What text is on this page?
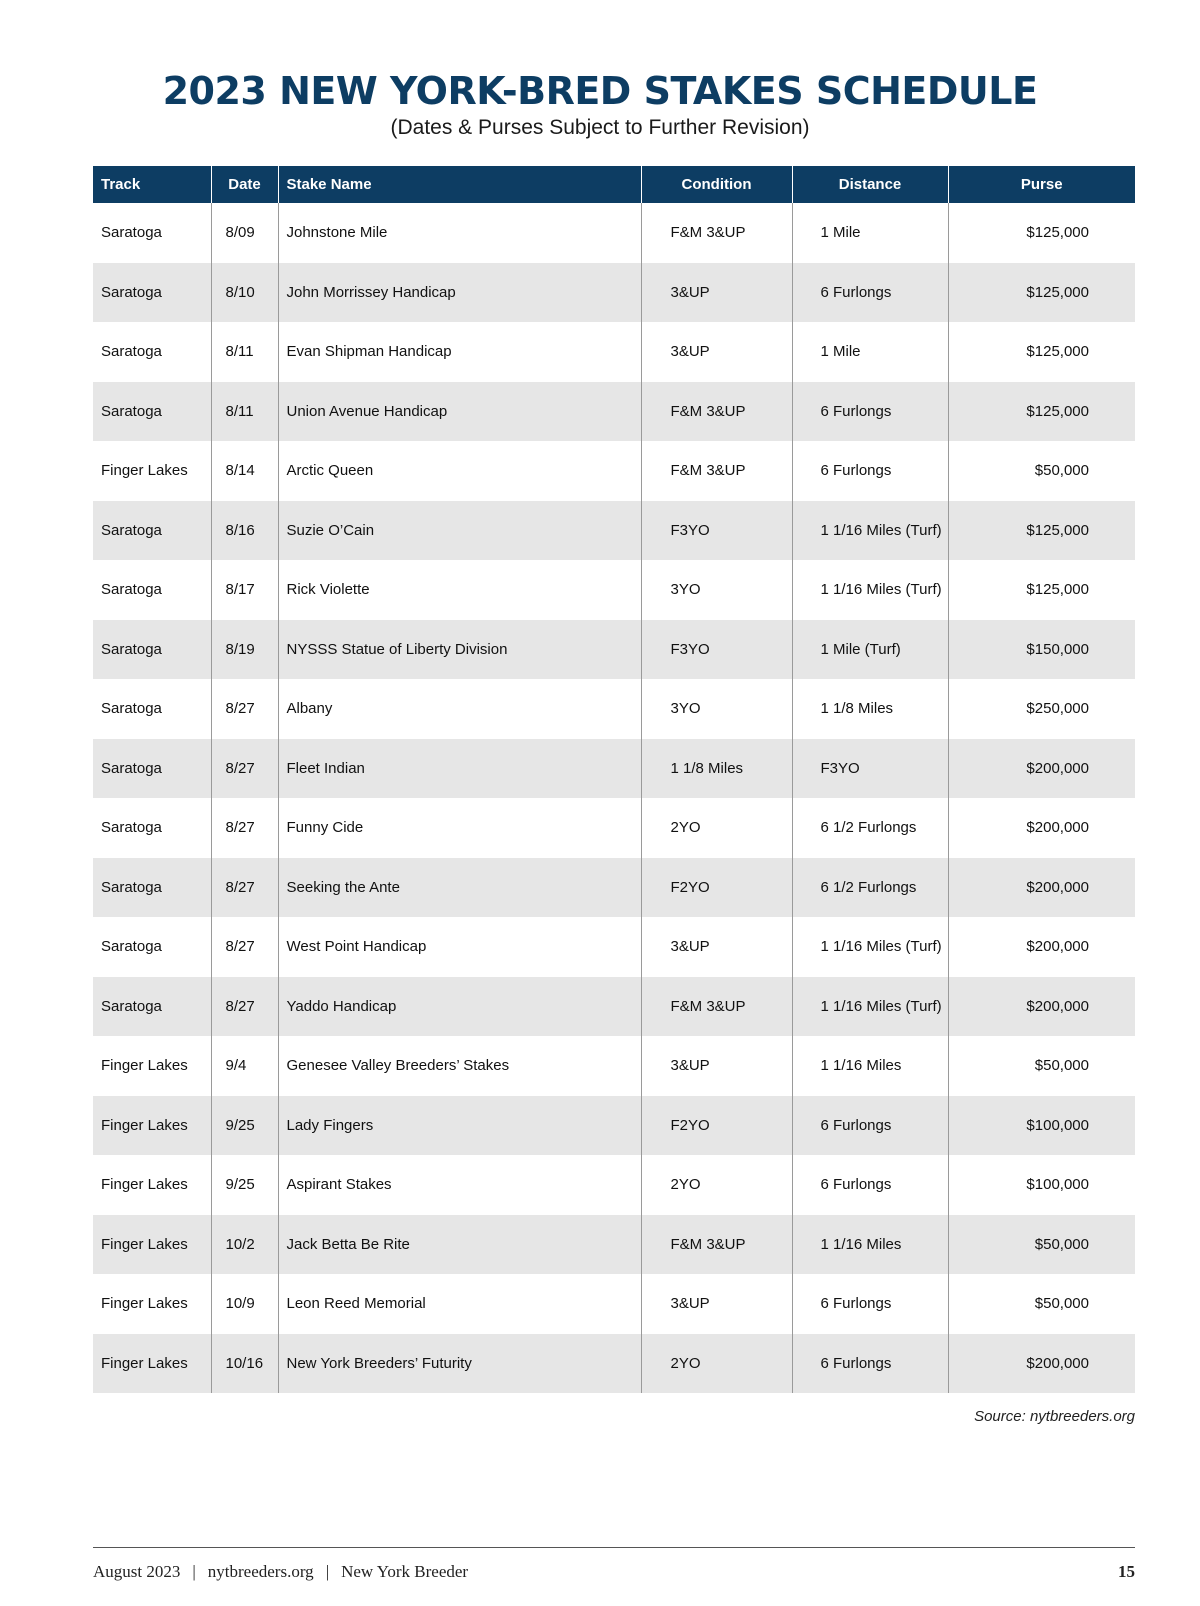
2023 NEW YORK-BRED STAKES SCHEDULE
(Dates & Purses Subject to Further Revision)
Track	Date	Stake Name	Condition	Distance	Purse
Saratoga	8/09	Johnstone Mile	F&M 3&UP	1 Mile	$125,000
Saratoga	8/10	John Morrissey Handicap	3&UP	6 Furlongs	$125,000
Saratoga	8/11	Evan Shipman Handicap	3&UP	1 Mile	$125,000
Saratoga	8/11	Union Avenue Handicap	F&M 3&UP	6 Furlongs	$125,000
Finger Lakes	8/14	Arctic Queen	F&M 3&UP	6 Furlongs	$50,000
Saratoga	8/16	Suzie O’Cain	F3YO	1 1/16 Miles (Turf)	$125,000
Saratoga	8/17	Rick Violette	3YO	1 1/16 Miles (Turf)	$125,000
Saratoga	8/19	NYSSS Statue of Liberty Division	F3YO	1 Mile (Turf)	$150,000
Saratoga	8/27	Albany	3YO	1 1/8 Miles	$250,000
Saratoga	8/27	Fleet Indian	1 1/8 Miles	F3YO	$200,000
Saratoga	8/27	Funny Cide	2YO	6 1/2 Furlongs	$200,000
Saratoga	8/27	Seeking the Ante	F2YO	6 1/2 Furlongs	$200,000
Saratoga	8/27	West Point Handicap	3&UP	1 1/16 Miles (Turf)	$200,000
Saratoga	8/27	Yaddo Handicap	F&M 3&UP	1 1/16 Miles (Turf)	$200,000
Finger Lakes	9/4	Genesee Valley Breeders’ Stakes	3&UP	1 1/16 Miles	$50,000
Finger Lakes	9/25	Lady Fingers	F2YO	6 Furlongs	$100,000
Finger Lakes	9/25	Aspirant Stakes	2YO	6 Furlongs	$100,000
Finger Lakes	10/2	Jack Betta Be Rite	F&M 3&UP	1 1/16 Miles	$50,000
Finger Lakes	10/9	Leon Reed Memorial	3&UP	6 Furlongs	$50,000
Finger Lakes	10/16	New York Breeders’ Futurity	2YO	6 Furlongs	$200,000
Source: nytbreeders.org
August 2023 | nytbreeders.org | New York Breeder	15
